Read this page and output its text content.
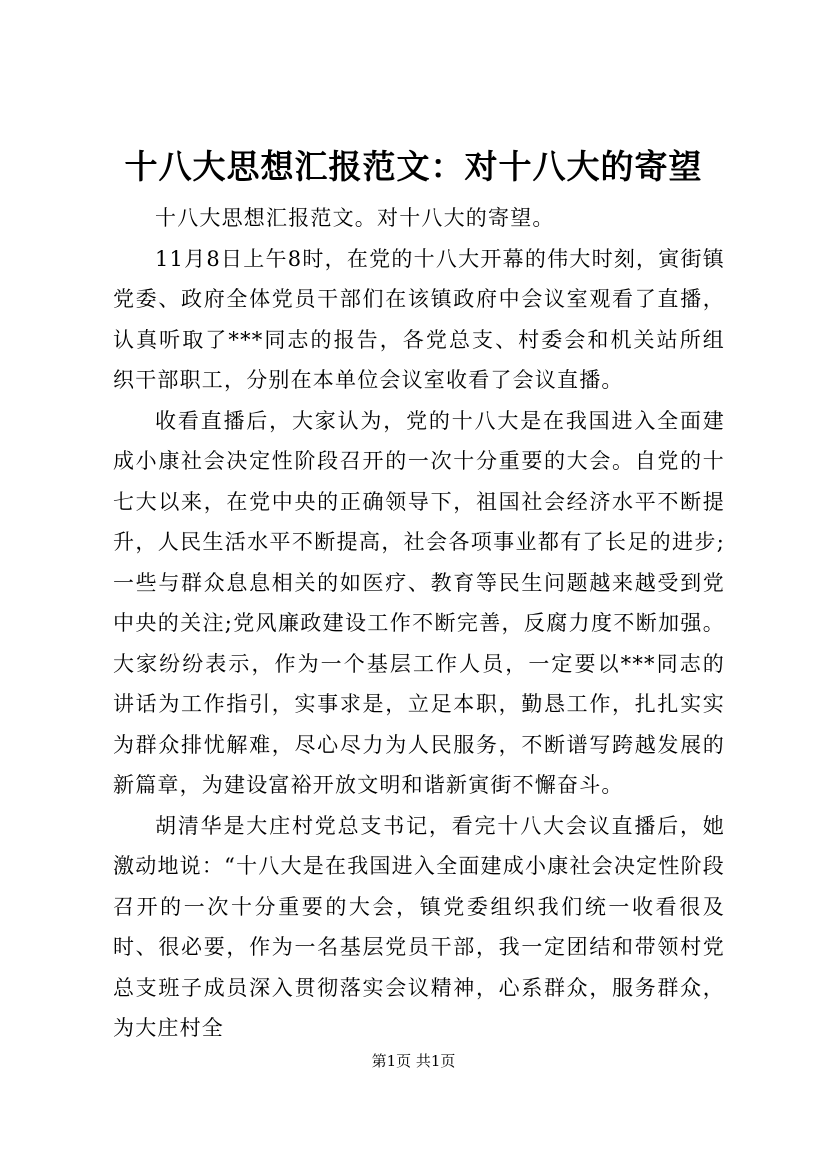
十八大思想汇报范文：对十八大的寄望

十八大思想汇报范文。对十八大的寄望。

11月8日上午8时，在党的十八大开幕的伟大时刻，寅街镇党委、政府全体党员干部们在该镇政府中会议室观看了直播，认真听取了***同志的报告，各党总支、村委会和机关站所组织干部职工，分别在本单位会议室收看了会议直播。

收看直播后，大家认为，党的十八大是在我国进入全面建成小康社会决定性阶段召开的一次十分重要的大会。自党的十七大以来，在党中央的正确领导下，祖国社会经济水平不断提升，人民生活水平不断提高，社会各项事业都有了长足的进步;一些与群众息息相关的如医疗、教育等民生问题越来越受到党中央的关注;党风廉政建设工作不断完善，反腐力度不断加强。大家纷纷表示，作为一个基层工作人员，一定要以***同志的讲话为工作指引，实事求是，立足本职，勤恳工作，扎扎实实为群众排忧解难，尽心尽力为人民服务，不断谱写跨越发展的新篇章，为建设富裕开放文明和谐新寅街不懈奋斗。

胡清华是大庄村党总支书记，看完十八大会议直播后，她激动地说：“十八大是在我国进入全面建成小康社会决定性阶段召开的一次十分重要的大会，镇党委组织我们统一收看很及时、很必要，作为一名基层党员干部，我一定团结和带领村党总支班子成员深入贯彻落实会议精神，心系群众，服务群众，为大庄村全

第1页 共1页
